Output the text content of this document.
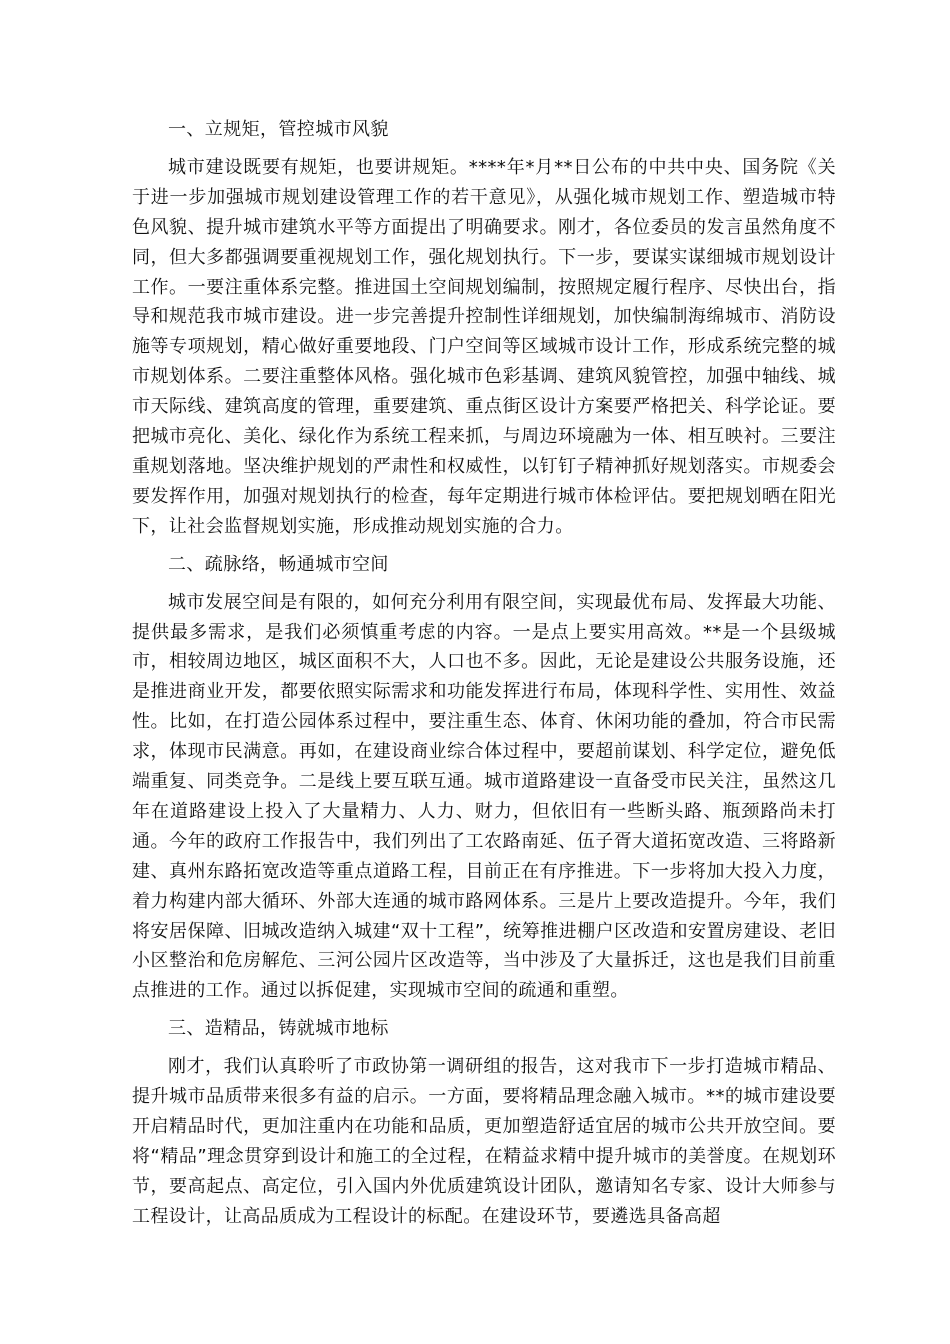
一、立规矩，管控城市风貌
城市建设既要有规矩，也要讲规矩。****年*月**日公布的中共中央、国务院《关于进一步加强城市规划建设管理工作的若干意见》，从强化城市规划工作、塑造城市特色风貌、提升城市建筑水平等方面提出了明确要求。刚才，各位委员的发言虽然角度不同，但大多都强调要重视规划工作，强化规划执行。下一步，要谋实谋细城市规划设计工作。一要注重体系完整。推进国土空间规划编制，按照规定履行程序、尽快出台，指导和规范我市城市建设。进一步完善提升控制性详细规划，加快编制海绵城市、消防设施等专项规划，精心做好重要地段、门户空间等区域城市设计工作，形成系统完整的城市规划体系。二要注重整体风格。强化城市色彩基调、建筑风貌管控，加强中轴线、城市天际线、建筑高度的管理，重要建筑、重点街区设计方案要严格把关、科学论证。要把城市亮化、美化、绿化作为系统工程来抓，与周边环境融为一体、相互映衬。三要注重规划落地。坚决维护规划的严肃性和权威性，以钉钉子精神抓好规划落实。市规委会要发挥作用，加强对规划执行的检查，每年定期进行城市体检评估。要把规划晒在阳光下，让社会监督规划实施，形成推动规划实施的合力。
二、疏脉络，畅通城市空间
城市发展空间是有限的，如何充分利用有限空间，实现最优布局、发挥最大功能、提供最多需求，是我们必须慎重考虑的内容。一是点上要实用高效。**是一个县级城市，相较周边地区，城区面积不大，人口也不多。因此，无论是建设公共服务设施，还是推进商业开发，都要依照实际需求和功能发挥进行布局，体现科学性、实用性、效益性。比如，在打造公园体系过程中，要注重生态、体育、休闲功能的叠加，符合市民需求，体现市民满意。再如，在建设商业综合体过程中，要超前谋划、科学定位，避免低端重复、同类竞争。二是线上要互联互通。城市道路建设一直备受市民关注，虽然这几年在道路建设上投入了大量精力、人力、财力，但依旧有一些断头路、瓶颈路尚未打通。今年的政府工作报告中，我们列出了工农路南延、伍子胥大道拓宽改造、三将路新建、真州东路拓宽改造等重点道路工程，目前正在有序推进。下一步将加大投入力度，着力构建内部大循环、外部大连通的城市路网体系。三是片上要改造提升。今年，我们将安居保障、旧城改造纳入城建“双十工程”，统筹推进棚户区改造和安置房建设、老旧小区整治和危房解危、三河公园片区改造等，当中涉及了大量拆迁，这也是我们目前重点推进的工作。通过以拆促建，实现城市空间的疏通和重塑。
三、造精品，铸就城市地标
刚才，我们认真聆听了市政协第一调研组的报告，这对我市下一步打造城市精品、提升城市品质带来很多有益的启示。一方面，要将精品理念融入城市。**的城市建设要开启精品时代，更加注重内在功能和品质，更加塑造舒适宜居的城市公共开放空间。要将“精品”理念贯穿到设计和施工的全过程，在精益求精中提升城市的美誉度。在规划环节，要高起点、高定位，引入国内外优质建筑设计团队，邀请知名专家、设计大师参与工程设计，让高品质成为工程设计的标配。在建设环节，要遴选具备高超
